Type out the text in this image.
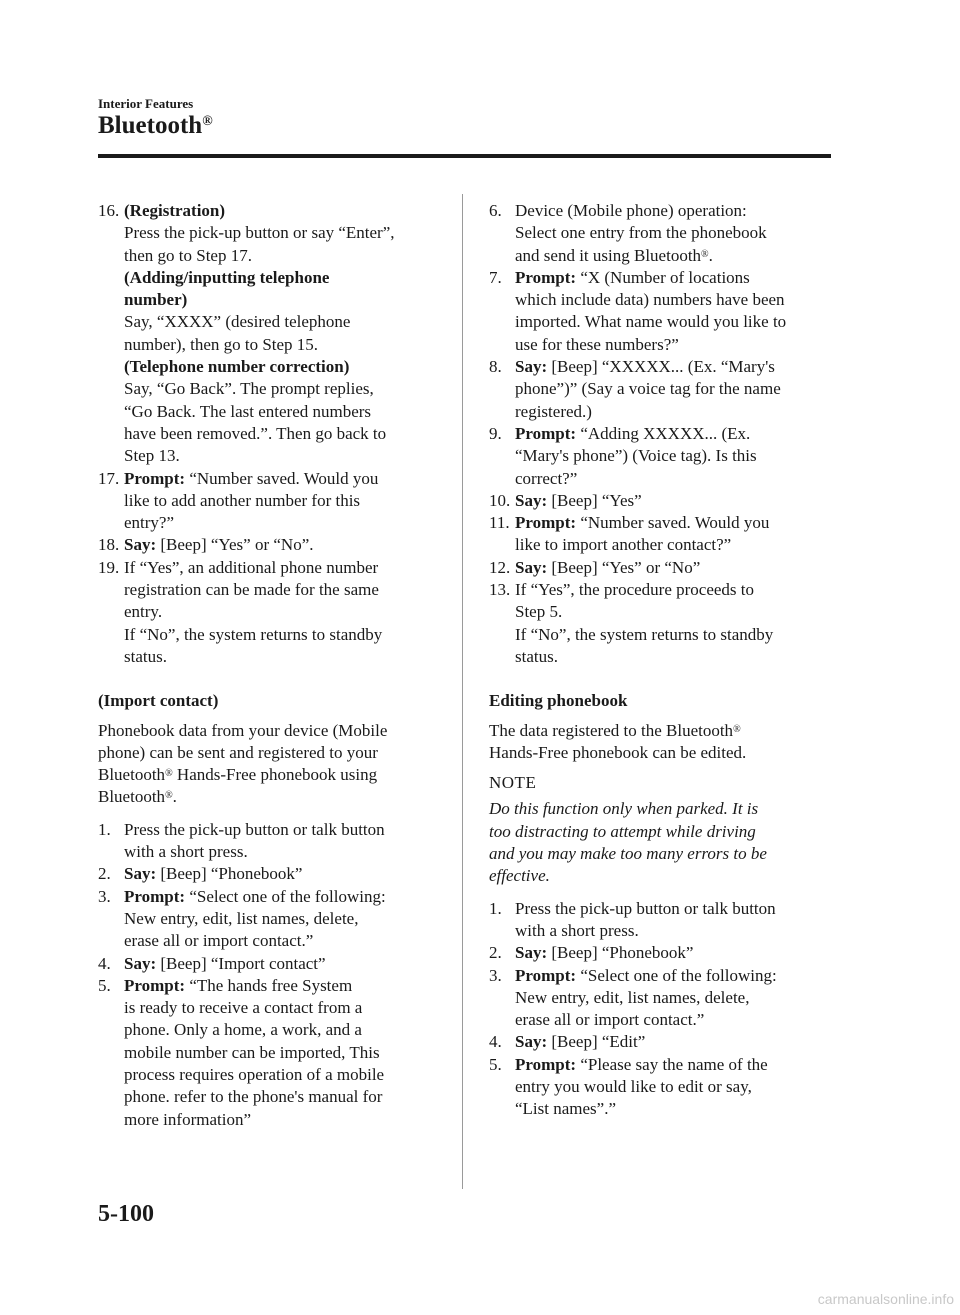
Interior Features
Bluetooth®
16. (Registration)
Press the pick-up button or say “Enter”,
then go to Step 17.
(Adding/inputting telephone
number)
Say, “XXXX” (desired telephone
number), then go to Step 15.
(Telephone number correction)
Say, “Go Back”. The prompt replies,
“Go Back. The last entered numbers
have been removed.”. Then go back to
Step 13.
17. Prompt: “Number saved. Would you
like to add another number for this
entry?”
18. Say: [Beep] “Yes” or “No”.
19. If “Yes”, an additional phone number
registration can be made for the same
entry.
If “No”, the system returns to standby
status.
(Import contact)
Phonebook data from your device (Mobile
phone) can be sent and registered to your
Bluetooth® Hands-Free phonebook using
Bluetooth®.
1. Press the pick-up button or talk button
with a short press.
2. Say: [Beep] “Phonebook”
3. Prompt: “Select one of the following:
New entry, edit, list names, delete,
erase all or import contact.”
4. Say: [Beep] “Import contact”
5. Prompt: “The hands free System
is ready to receive a contact from a
phone. Only a home, a work, and a
mobile number can be imported, This
process requires operation of a mobile
phone. refer to the phone's manual for
more information”
6. Device (Mobile phone) operation:
Select one entry from the phonebook
and send it using Bluetooth®.
7. Prompt: “X (Number of locations
which include data) numbers have been
imported. What name would you like to
use for these numbers?”
8. Say: [Beep] “XXXXX... (Ex. “Mary's
phone”)” (Say a voice tag for the name
registered.)
9. Prompt: “Adding XXXXX... (Ex.
“Mary's phone”) (Voice tag). Is this
correct?”
10. Say: [Beep] “Yes”
11. Prompt: “Number saved. Would you
like to import another contact?”
12. Say: [Beep] “Yes” or “No”
13. If “Yes”, the procedure proceeds to
Step 5.
If “No”, the system returns to standby
status.
Editing phonebook
The data registered to the Bluetooth®
Hands-Free phonebook can be edited.
NOTE
Do this function only when parked. It is
too distracting to attempt while driving
and you may make too many errors to be
effective.
1. Press the pick-up button or talk button
with a short press.
2. Say: [Beep] “Phonebook”
3. Prompt: “Select one of the following:
New entry, edit, list names, delete,
erase all or import contact.”
4. Say: [Beep] “Edit”
5. Prompt: “Please say the name of the
entry you would like to edit or say,
“List names”.”
5-100
carmanualsonline.info
